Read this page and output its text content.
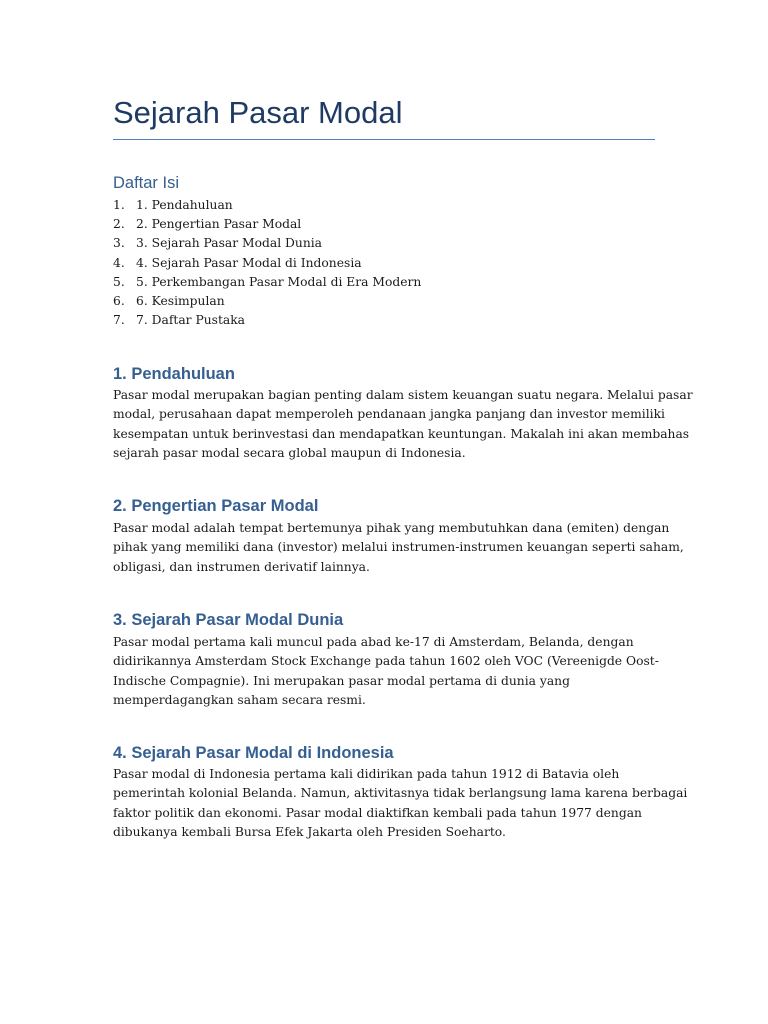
Sejarah Pasar Modal
Daftar Isi
1. 1. Pendahuluan
2. 2. Pengertian Pasar Modal
3. 3. Sejarah Pasar Modal Dunia
4. 4. Sejarah Pasar Modal di Indonesia
5. 5. Perkembangan Pasar Modal di Era Modern
6. 6. Kesimpulan
7. 7. Daftar Pustaka
1. Pendahuluan

Pasar modal merupakan bagian penting dalam sistem keuangan suatu negara. Melalui pasar
modal, perusahaan dapat memperoleh pendanaan jangka panjang dan investor memiliki
kesempatan untuk berinvestasi dan mendapatkan keuntungan. Makalah ini akan membahas
sejarah pasar modal secara global maupun di Indonesia.

2. Pengertian Pasar Modal

Pasar modal adalah tempat bertemunya pihak yang membutuhkan dana (emiten) dengan
pihak yang memiliki dana (investor) melalui instrumen-instrumen keuangan seperti saham,
obligasi, dan instrumen derivatif lainnya.

3. Sejarah Pasar Modal Dunia

Pasar modal pertama kali muncul pada abad ke-17 di Amsterdam, Belanda, dengan
didirikannya Amsterdam Stock Exchange pada tahun 1602 oleh VOC (Vereenigde Oost-
Indische Compagnie). Ini merupakan pasar modal pertama di dunia yang
memperdagangkan saham secara resmi.

4. Sejarah Pasar Modal di Indonesia

Pasar modal di Indonesia pertama kali didirikan pada tahun 1912 di Batavia oleh
pemerintah kolonial Belanda. Namun, aktivitasnya tidak berlangsung lama karena berbagai
faktor politik dan ekonomi. Pasar modal diaktifkan kembali pada tahun 1977 dengan
dibukanya kembali Bursa Efek Jakarta oleh Presiden Soeharto.
